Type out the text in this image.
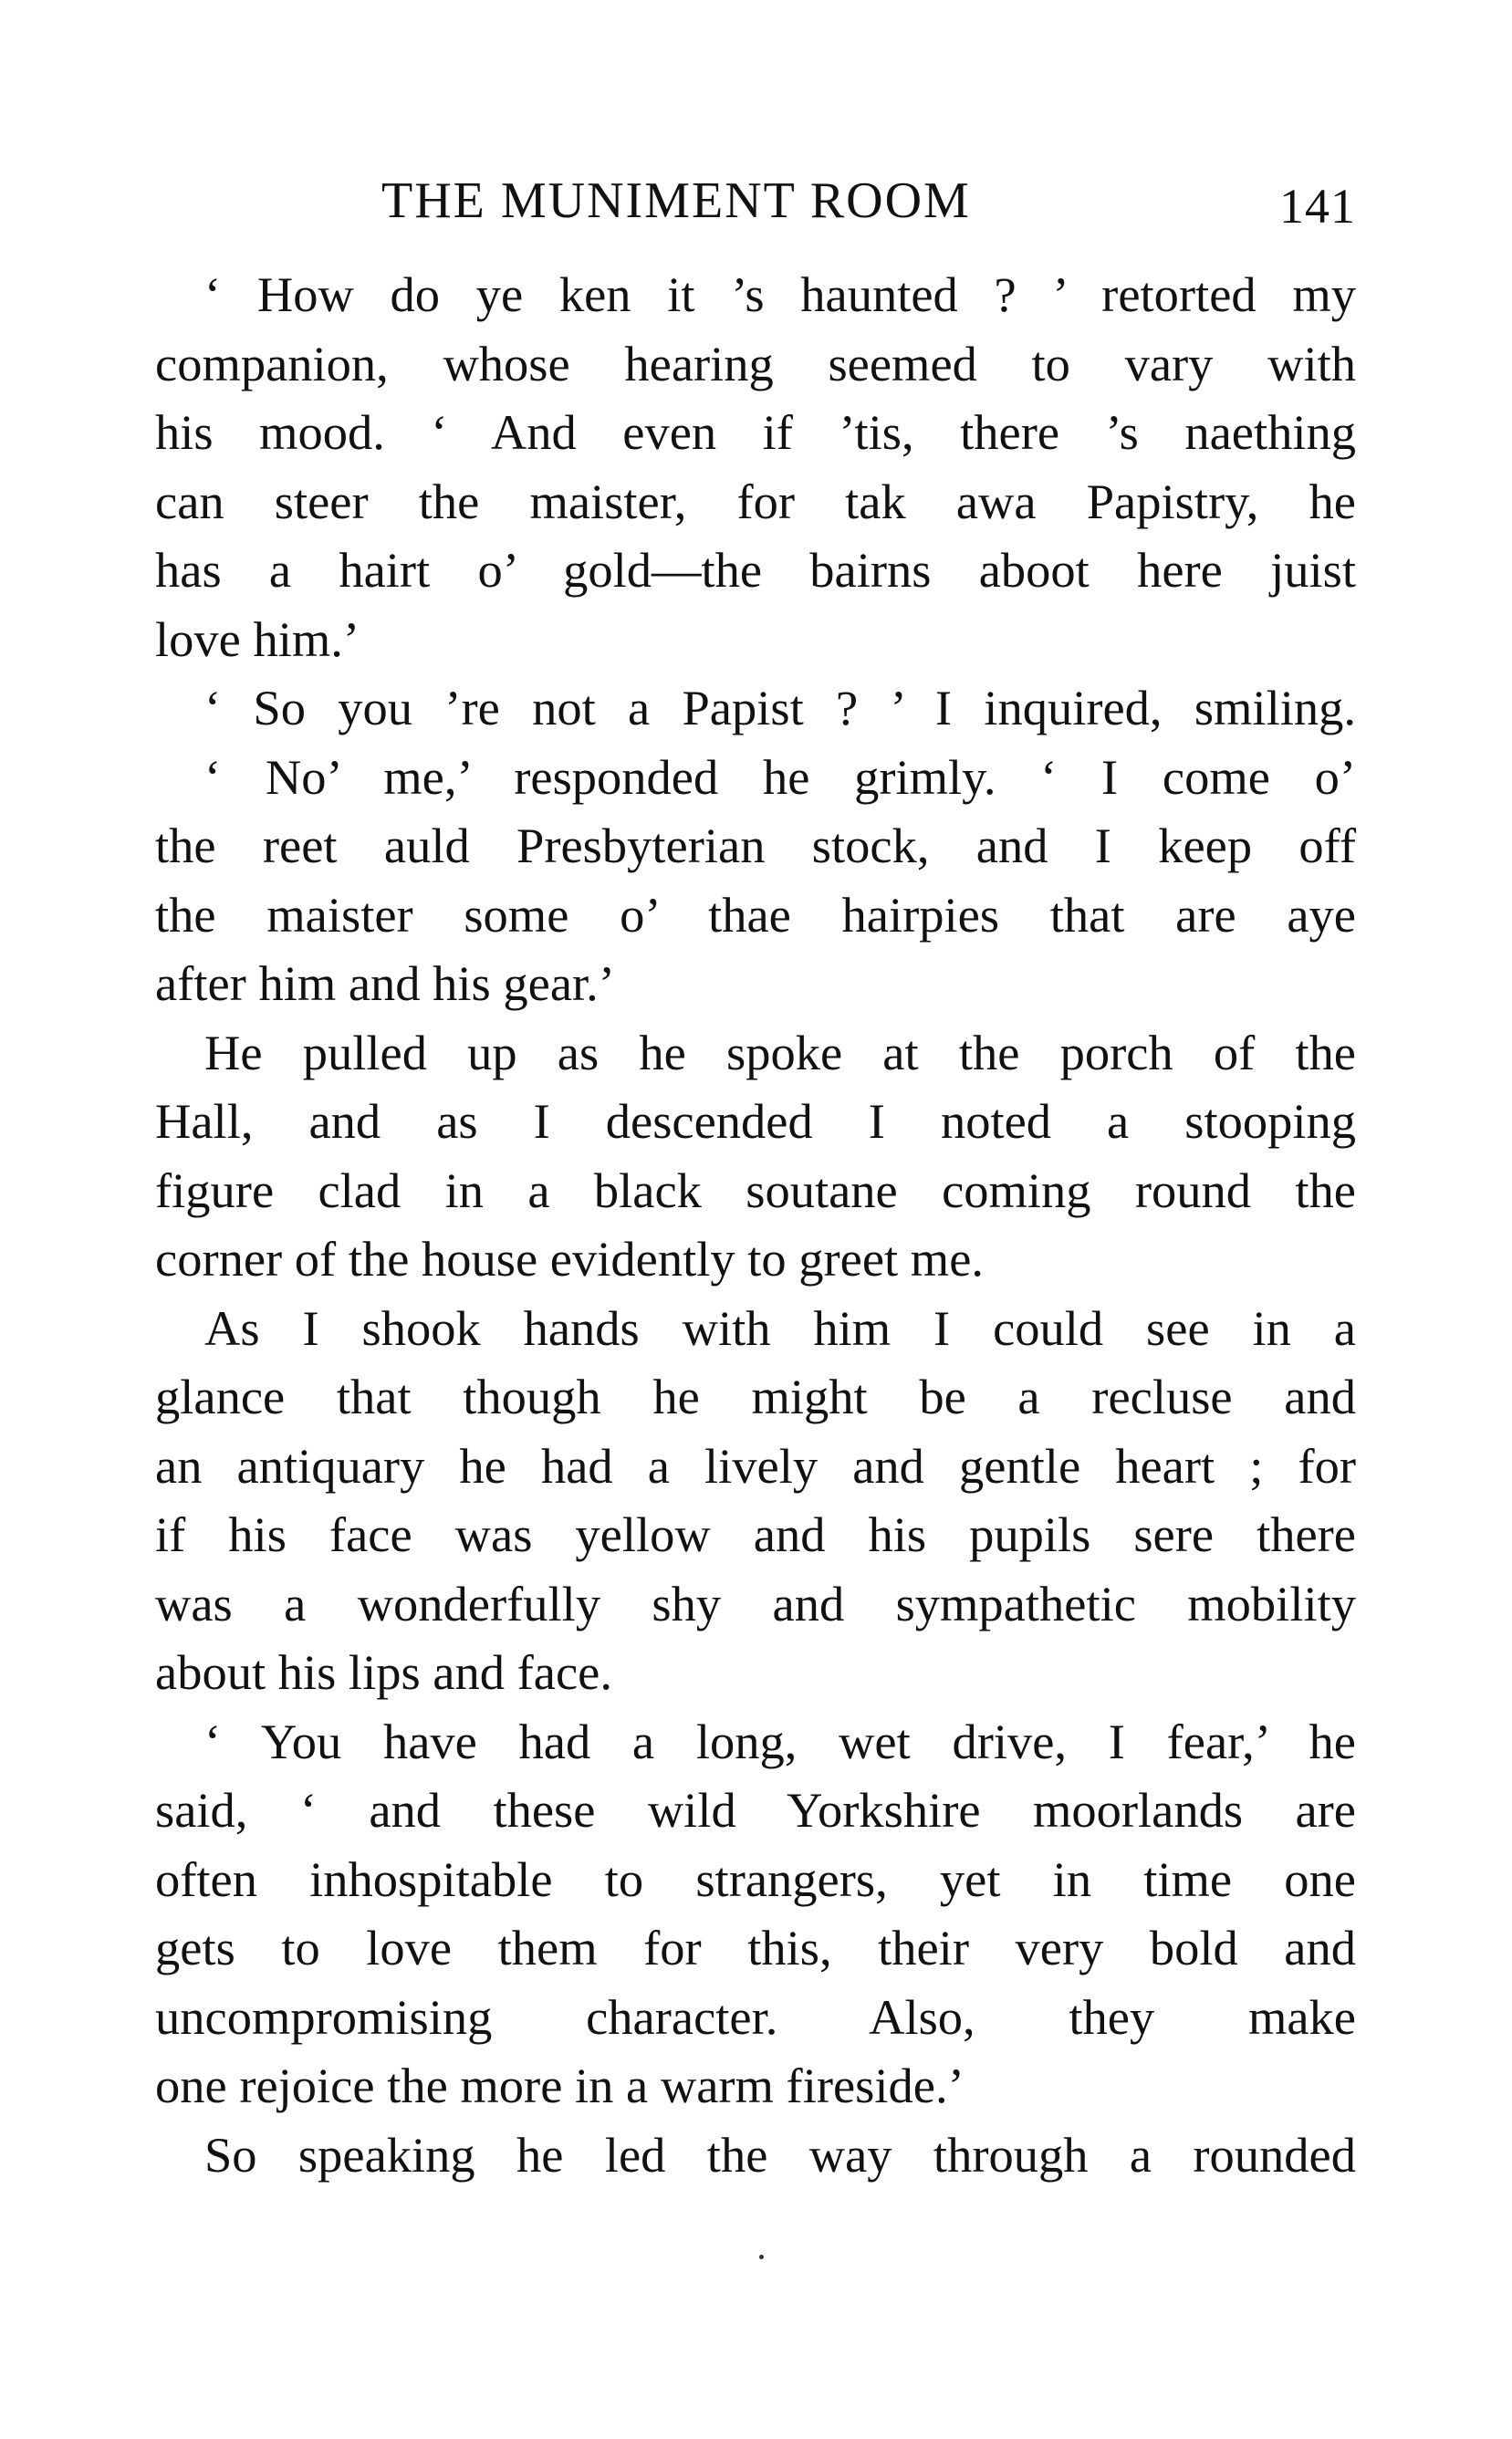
THE MUNIMENT ROOM	141

‘ How do ye ken it ’s haunted ? ’ retorted my
companion, whose hearing seemed to vary with
his mood. ‘ And even if ’tis, there ’s naething
can steer the maister, for tak awa Papistry, he
has a hairt o’ gold—the bairns aboot here juist
love him.’

‘ So you ’re not a Papist ? ’ I inquired, smiling.

‘ No’ me,’ responded he grimly. ‘ I come o’
the reet auld Presbyterian stock, and I keep off
the maister some o’ thae hairpies that are aye
after him and his gear.’

He pulled up as he spoke at the porch of the
Hall, and as I descended I noted a stooping
figure clad in a black soutane coming round the
corner of the house evidently to greet me.

As I shook hands with him I could see in a
glance that though he might be a recluse and
an antiquary he had a lively and gentle heart ; for
if his face was yellow and his pupils sere there
was a wonderfully shy and sympathetic mobility
about his lips and face.

‘ You have had a long, wet drive, I fear,’ he
said, ‘ and these wild Yorkshire moorlands are
often inhospitable to strangers, yet in time one
gets to love them for this, their very bold and
uncompromising character. Also, they make
one rejoice the more in a warm fireside.’

So speaking he led the way through a rounded
